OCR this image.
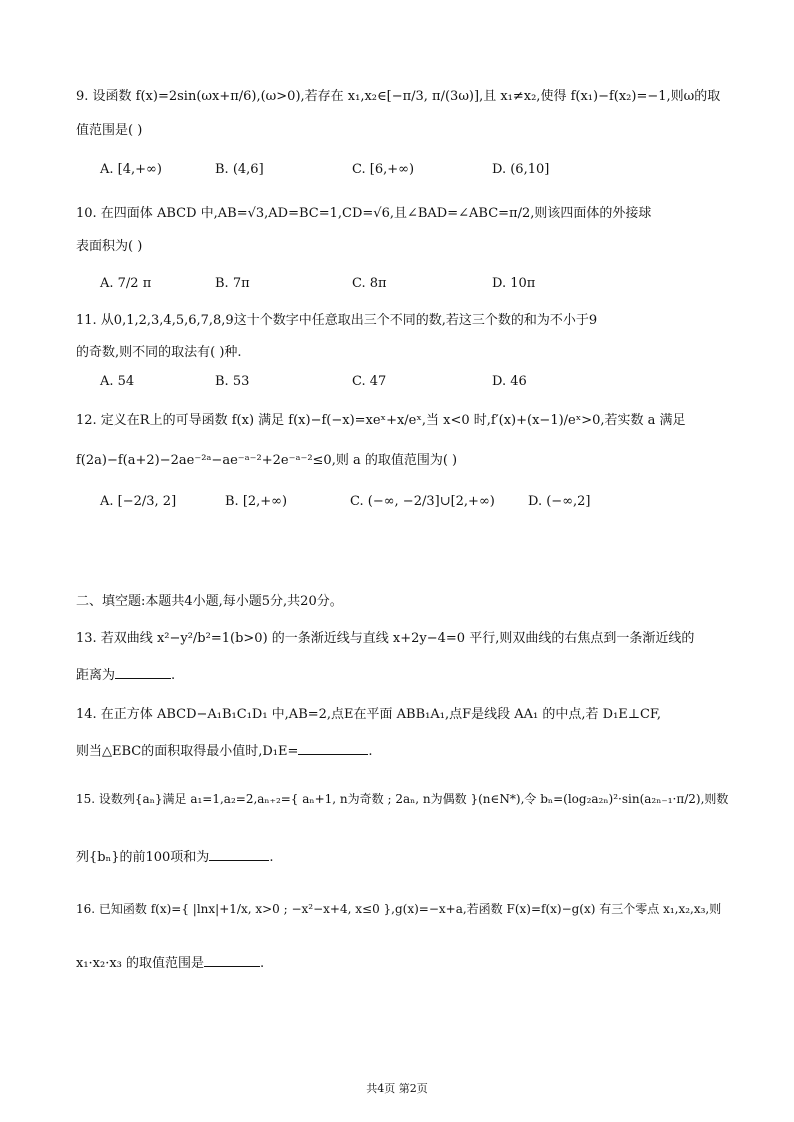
9. 设函数 f(x)=2sin(ωx+π/6),(ω>0),若存在 x₁,x₂∈[−π/3, π/(3ω)],且 x₁≠x₂,使得 f(x₁)−f(x₂)=−1,则ω的取
值范围是( )
A. [4,+∞)	B. (4,6]	C. [6,+∞)	D. (6,10]
10. 在四面体 ABCD 中,AB=√3,AD=BC=1,CD=√6,且∠BAD=∠ABC=π/2,则该四面体的外接球
表面积为( )
A. 7/2 π	B. 7π	C. 8π	D. 10π
11. 从0,1,2,3,4,5,6,7,8,9这十个数字中任意取出三个不同的数,若这三个数的和为不小于9
的奇数,则不同的取法有( )种.
A. 54	B. 53	C. 47	D. 46
12. 定义在R上的可导函数 f(x) 满足 f(x)−f(−x)=xeˣ+x/eˣ,当 x<0 时,f′(x)+(x−1)/eˣ>0,若实数 a 满足
f(2a)−f(a+2)−2ae⁻²ᵃ−ae⁻ᵃ⁻²+2e⁻ᵃ⁻²≤0,则 a 的取值范围为( )
A. [−2/3, 2]	B. [2,+∞)	C. (−∞, −2/3]∪[2,+∞)	D. (−∞,2]
二、填空题:本题共4小题,每小题5分,共20分。
13. 若双曲线 x²−y²/b²=1(b>0) 的一条渐近线与直线 x+2y−4=0 平行,则双曲线的右焦点到一条渐近线的
距离为	.
14. 在正方体 ABCD−A₁B₁C₁D₁ 中,AB=2,点E在平面 ABB₁A₁,点F是线段 AA₁ 的中点,若 D₁E⊥CF,
则当△EBC的面积取得最小值时,D₁E=	.
15. 设数列{aₙ}满足 a₁=1,a₂=2,aₙ₊₂={ aₙ+1, n为奇数 ; 2aₙ, n为偶数 }(n∈N*),令 bₙ=(log₂a₂ₙ)²·sin(a₂ₙ₋₁·π/2),则数
列{bₙ}的前100项和为	.
16. 已知函数 f(x)={ |lnx|+1/x, x>0 ; −x²−x+4, x≤0 },g(x)=−x+a,若函数 F(x)=f(x)−g(x) 有三个零点 x₁,x₂,x₃,则
x₁·x₂·x₃ 的取值范围是	.
共4页 第2页
